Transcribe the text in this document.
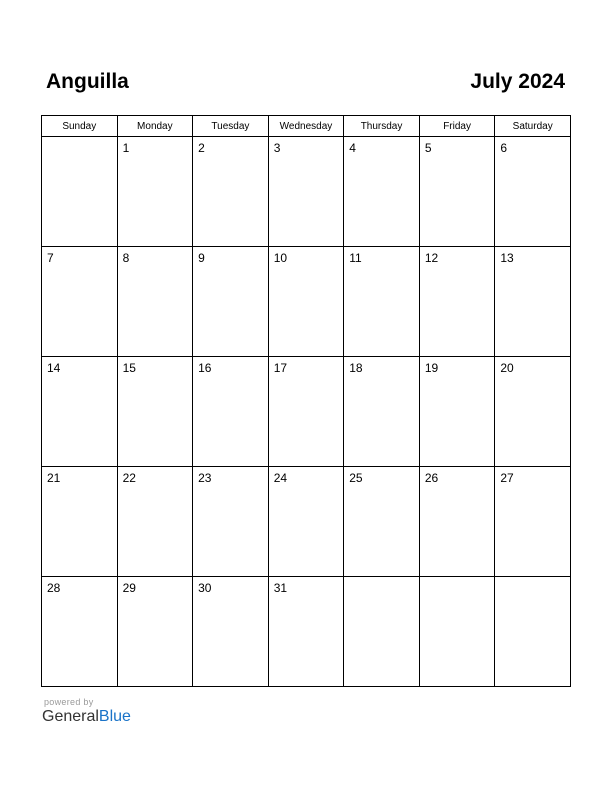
Anguilla	July 2024
Sunday	Monday	Tuesday	Wednesday	Thursday	Friday	Saturday

	1	2	3	4	5	6

7	8	9	10	11	12	13

14	15	16	17	18	19	20

21	22	23	24	25	26	27

28	29	30	31			

powered by
GeneralBlue
